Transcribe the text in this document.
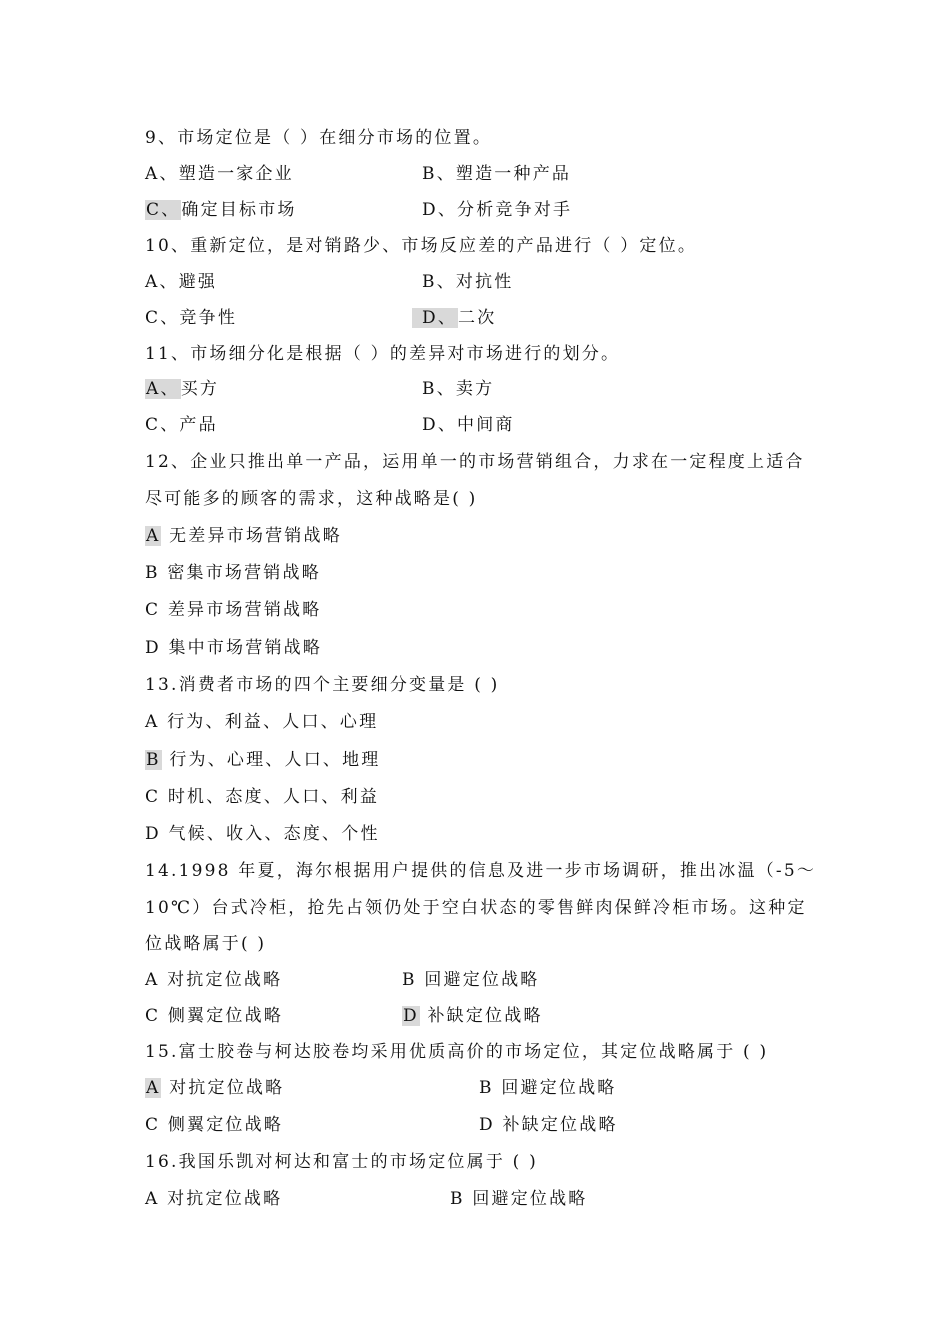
9、市场定位是（ ）在细分市场的位置。
A、塑造一家企业	B、塑造一种产品
C、确定目标市场	D、分析竞争对手
10、重新定位，是对销路少、市场反应差的产品进行（ ）定位。
A、避强	B、对抗性
C、竞争性	D、二次
11、市场细分化是根据（ ）的差异对市场进行的划分。
A、买方	B、卖方
C、产品	D、中间商
12、企业只推出单一产品，运用单一的市场营销组合，力求在一定程度上适合
尽可能多的顾客的需求，这种战略是( )
A 无差异市场营销战略
B 密集市场营销战略
C 差异市场营销战略
D 集中市场营销战略
13.消费者市场的四个主要细分变量是 ( )
A 行为、利益、人口、心理
B 行为、心理、人口、地理
C 时机、态度、人口、利益
D 气候、收入、态度、个性
14.1998 年夏，海尔根据用户提供的信息及进一步市场调研，推出冰温（-5～
10℃）台式冷柜，抢先占领仍处于空白状态的零售鲜肉保鲜冷柜市场。这种定
位战略属于( )
A 对抗定位战略	B 回避定位战略
C 侧翼定位战略	D 补缺定位战略
15.富士胶卷与柯达胶卷均采用优质高价的市场定位，其定位战略属于 ( )
A 对抗定位战略	B 回避定位战略
C 侧翼定位战略	D 补缺定位战略
16.我国乐凯对柯达和富士的市场定位属于 ( )
A 对抗定位战略	B 回避定位战略
